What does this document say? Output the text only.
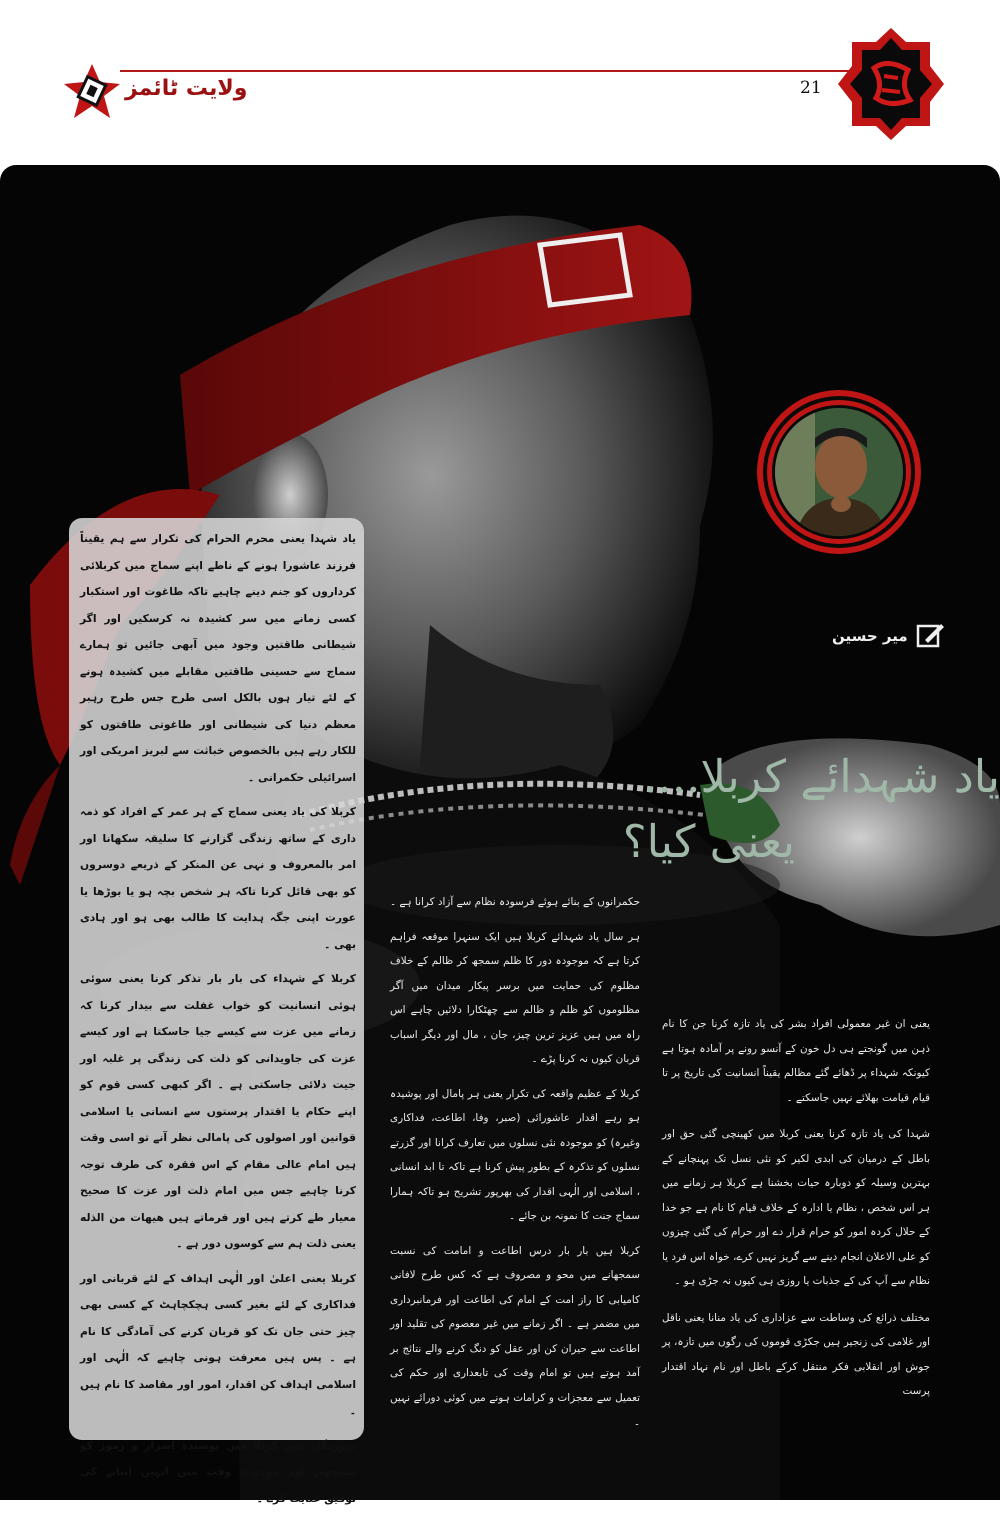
ولایت ٹائمز	21
میر حسین
یاد شہدائے کربلا....
یعنی کیا؟

یاد شہدا یعنی محرم الحرام کی تکرار سے ہم یقیناً فرزند عاشورا ہونے کے ناطے اپنے سماج میں کربلائی کرداروں کو جنم دینے چاہیے تاکہ طاغوت اور استکبار کسی زمانے میں سر کشیدہ نہ کرسکیں اور اگر شیطانی طاقتیں وجود میں آبھی جائیں تو ہمارے سماج سے حسینی طاقتیں مقابلے میں کشیدہ ہونے کے لئے تیار ہوں بالکل اسی طرح جس طرح رہبر معظم دنیا کی شیطانی اور طاغوتی طاقتوں کو للکار رہے ہیں بالخصوص خباثت سے لبریز امریکی اور اسرائیلی حکمرانی ۔

کربلا کی یاد یعنی سماج کے ہر عمر کے افراد کو ذمہ داری کے ساتھ زندگی گزارنے کا سلیقہ سکھانا اور امر بالمعروف و نہی عن المنکر کے ذریعے دوسروں کو بھی قائل کرنا تاکہ ہر شخص بچہ ہو یا بوڑھا یا عورت اپنی جگہ ہدایت کا طالب بھی ہو اور ہادی بھی ۔

کربلا کے شہداء کی بار بار تذکر کرنا یعنی سوئی ہوئی انسانیت کو خواب غفلت سے بیدار کرنا کہ زمانے میں عزت سے کیسے جیا جاسکتا ہے اور کیسے عزت کی جاویدانی کو ذلت کی زندگی پر غلبہ اور جیت دلائی جاسکتی ہے ۔ اگر کبھی کسی قوم کو اپنے حکام یا اقتدار پرستوں سے انسانی یا اسلامی قوانین اور اصولوں کی پامالی نظر آنے تو اسی وقت ہیں امام عالی مقام کے اس فقرہ کی طرف توجہ کرنا چاہیے جس میں امام ذلت اور عزت کا صحیح معیار طے کرتے ہیں اور فرماتے ہیں هیهات من الذله یعنی ذلت ہم سے کوسوں دور ہے ۔

کربلا یعنی اعلیٰ اور الٰہی اہداف کے لئے قربانی اور فداکاری کے لئے بغیر کسی ہچکچاہٹ کے کسی بھی چیز حتی جان تک کو قربان کرنے کی آمادگی کا نام ہے ۔ پس ہیں معرفت ہونی چاہیے کہ الٰہی اور اسلامی اہداف کن اقدار، امور اور مقاصد کا نام ہیں ۔

پروردگار ہیں کربلا میں پوشیدہ اسرار و رموز کو سمجھنے اور موجودہ وقت میں انہیں اپنانے کی توفیق عنایت کرے ۔

حکمرانوں کے بنائے ہوئے فرسودہ نظام سے آزاد کرانا ہے ۔

ہر سال یاد شہدائے کربلا ہیں ایک سنہرا موقعہ فراہم کرتا ہے کہ موجودہ دور کا ظلم سمجھ کر ظالم کے خلاف مظلوم کی حمایت میں برسر پیکار میدان میں آگر مظلوموں کو ظلم و ظالم سے چھٹکارا دلائیں چاہے اس راہ میں ہیں عزیز ترین چیز، جان ، مال اور دیگر اسباب قربان کیوں نہ کرنا پڑے ۔

کربلا کے عظیم واقعہ کی تکرار یعنی ہر پامال اور پوشیدہ ہو رہے اقدار عاشورائی (صبر، وفا، اطاعت، فداکاری وغیرہ) کو موجودہ نئی نسلوں میں تعارف کرانا اور گزرتے نسلوں کو تذکرہ کے بطور پیش کرنا ہے تاکہ تا ابد انسانی ، اسلامی اور الٰہی اقدار کی بھرپور تشریح ہو تاکہ ہمارا سماج جنت کا نمونہ بن جائے ۔

کربلا ہیں بار بار درس اطاعت و امامت کی نسبت سمجھانے میں محو و مصروف ہے کہ کس طرح لافانی کامیابی کا راز امت کے امام کی اطاعت اور فرمانبرداری میں مضمر ہے ۔ اگر زمانے میں غیر معصوم کی تقلید اور اطاعت سے حیران کن اور عقل کو دنگ کرنے والے نتائج بر آمد ہوتے ہیں تو امام وقت کی تابعداری اور حکم کی تعمیل سے معجزات و کرامات ہونے میں کوئی دورائے نہیں ۔

یعنی ان غیر معمولی افراد بشر کی یاد تازہ کرنا جن کا نام ذہن میں گونجتے ہی دل خون کے آنسو رونے پر آمادہ ہوتا ہے کیونکہ شہداء پر ڈھائے گئے مظالم یقیناً انسانیت کی تاریخ پر تا قیام قیامت بھلائے نہیں جاسکتے ۔

شہدا کی یاد تازہ کرنا یعنی کربلا میں کھینچی گئی حق اور باطل کے درمیان کی ابدی لکیر کو نئی نسل تک پہنچانے کے بہترین وسیلہ کو دوبارہ حیات بخشنا ہے کربلا ہر زمانے میں ہر اس شخص ، نظام یا ادارہ کے خلاف قیام کا نام ہے جو خدا کے حلال کردہ امور کو حرام قرار دے اور حرام کی گئی چیزوں کو علی الاعلان انجام دینے سے گریز نہیں کرے، خواہ اس فرد یا نظام سے آپ کی کے جذبات یا روزی ہی کیوں نہ جڑی ہو ۔

مختلف ذرائع کی وساطت سے عزاداری کی یاد منانا یعنی ناقل اور غلامی کی زنجیر ہیں جکڑی قوموں کی رگوں میں تازہ، پر جوش اور انقلابی فکر منتقل کرکے باطل اور نام نہاد اقتدار پرست
